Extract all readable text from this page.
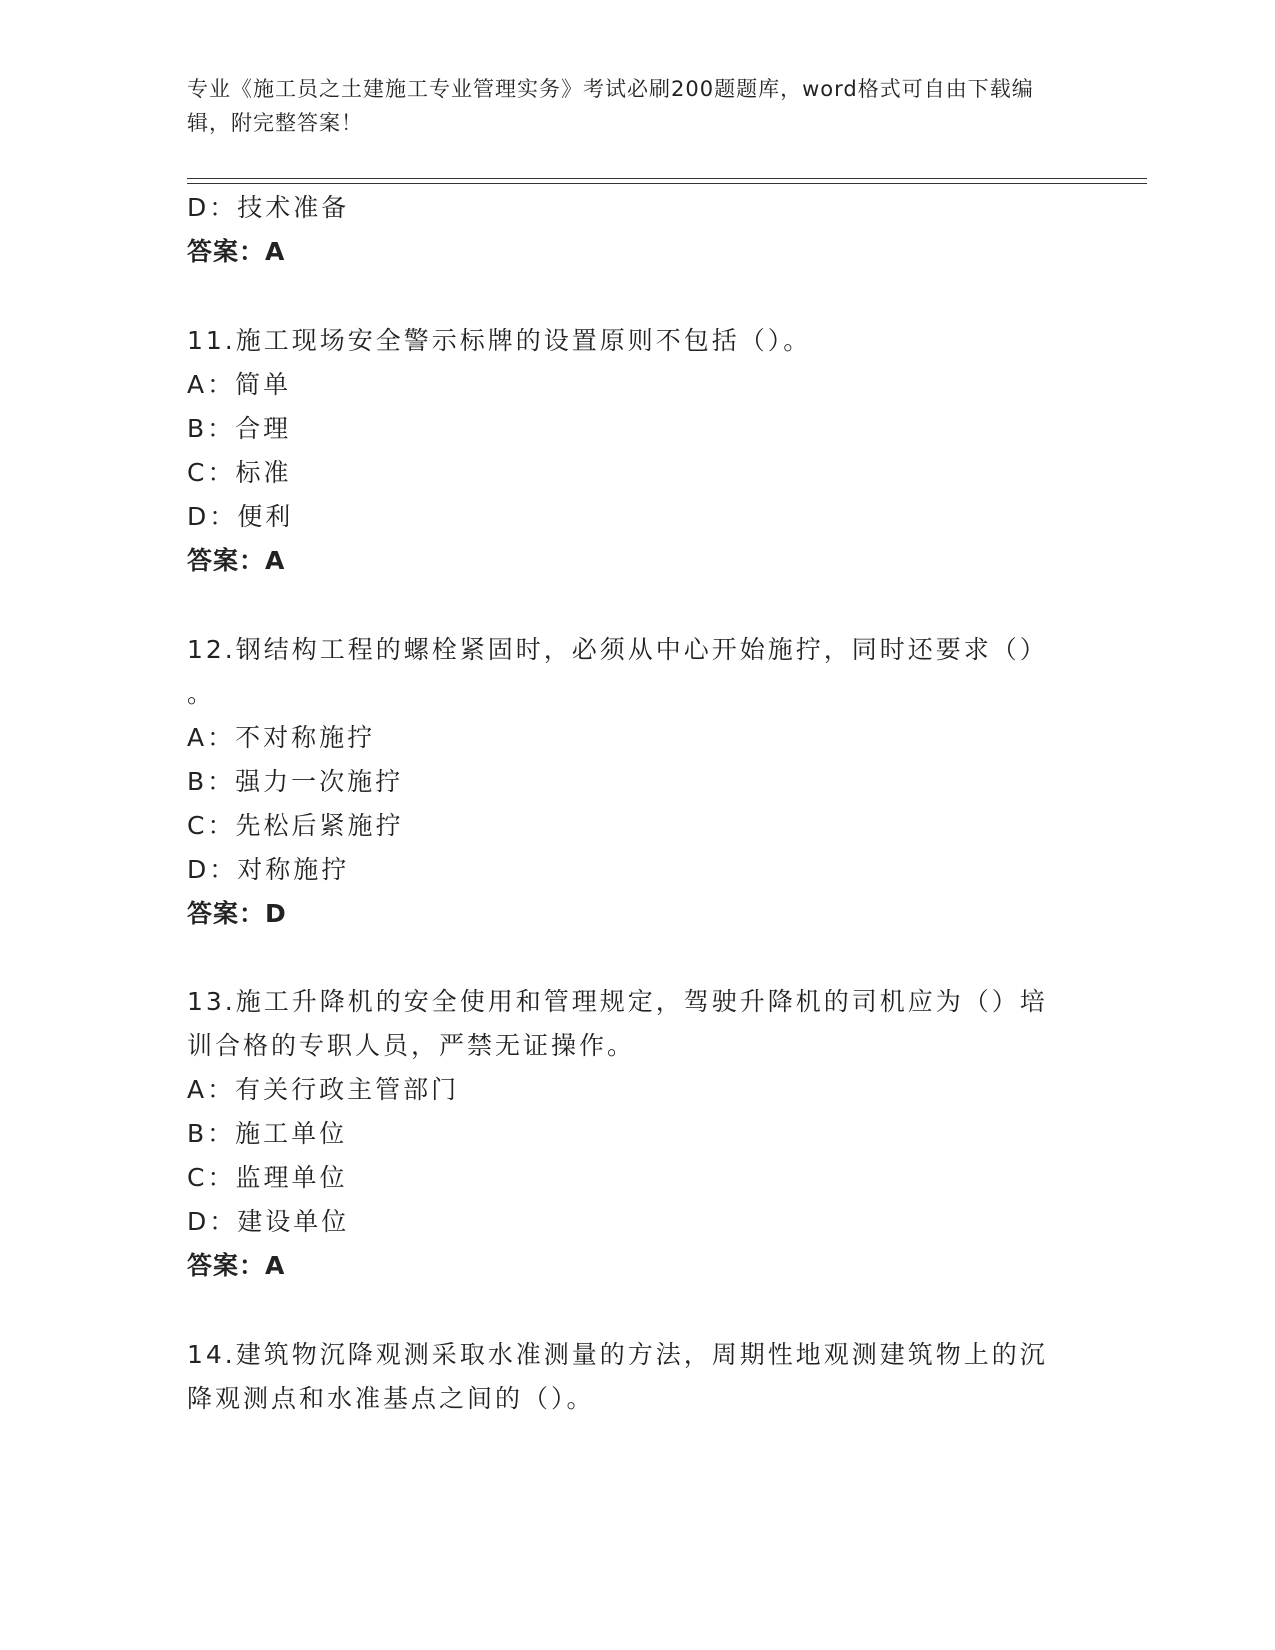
专业《施工员之土建施工专业管理实务》考试必刷200题题库，word格式可自由下载编辑，附完整答案！
D：技术准备
答案：A
11.施工现场安全警示标牌的设置原则不包括（）。
A：简单
B：合理
C：标准
D：便利
答案：A
12.钢结构工程的螺栓紧固时，必须从中心开始施拧，同时还要求（）
。
A：不对称施拧
B：强力一次施拧
C：先松后紧施拧
D：对称施拧
答案：D
13.施工升降机的安全使用和管理规定，驾驶升降机的司机应为（）培
训合格的专职人员，严禁无证操作。
A：有关行政主管部门
B：施工单位
C：监理单位
D：建设单位
答案：A
14.建筑物沉降观测采取水准测量的方法，周期性地观测建筑物上的沉
降观测点和水准基点之间的（）。
